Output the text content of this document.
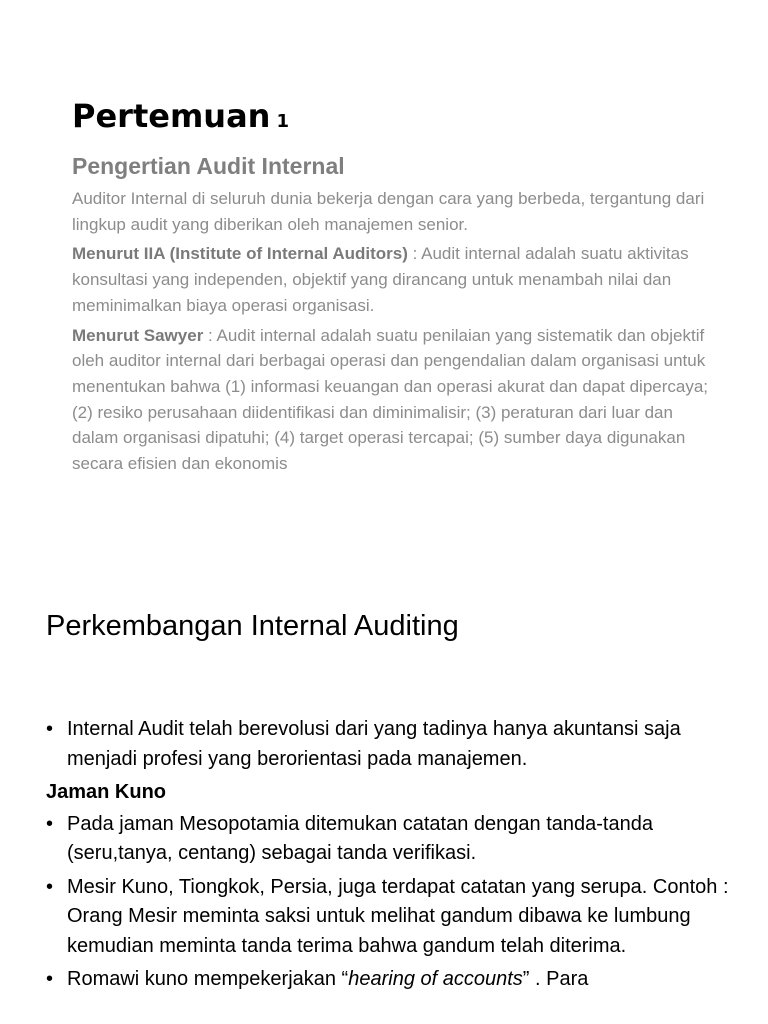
Pertemuan 1
Pengertian Audit Internal

Auditor Internal di seluruh dunia bekerja dengan cara yang berbeda, tergantung dari lingkup audit yang diberikan oleh manajemen senior.

Menurut IIA (Institute of Internal Auditors) : Audit internal adalah suatu aktivitas konsultasi yang independen, objektif yang dirancang untuk menambah nilai dan meminimalkan biaya operasi organisasi.

Menurut Sawyer : Audit internal adalah suatu penilaian yang sistematik dan objektif oleh auditor internal dari berbagai operasi dan pengendalian dalam organisasi untuk menentukan bahwa (1) informasi keuangan dan operasi akurat dan dapat dipercaya; (2) resiko perusahaan diidentifikasi dan diminimalisir; (3) peraturan dari luar dan dalam organisasi dipatuhi; (4) target operasi tercapai; (5) sumber daya digunakan secara efisien dan ekonomis

Perkembangan Internal Auditing
• Internal Audit telah berevolusi dari yang tadinya hanya akuntansi saja menjadi profesi yang berorientasi pada manajemen.
Jaman Kuno
• Pada jaman Mesopotamia ditemukan catatan dengan tanda-tanda (seru,tanya, centang) sebagai tanda verifikasi.
• Mesir Kuno, Tiongkok, Persia, juga terdapat catatan yang serupa. Contoh : Orang Mesir meminta saksi untuk melihat gandum dibawa ke lumbung kemudian meminta tanda terima bahwa gandum telah diterima.
• Romawi kuno mempekerjakan “hearing of accounts” . Para
